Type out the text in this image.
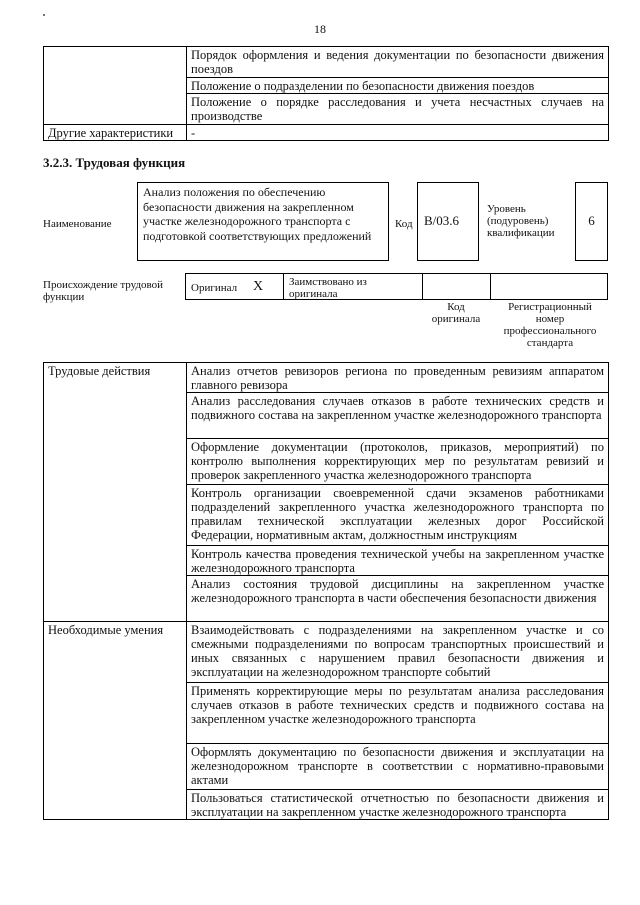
18
	Порядок оформления и ведения документации по безопасности движения поездов
	Положение о подразделении по безопасности движения поездов
	Положение о порядке расследования и учета несчастных случаев на производстве
Другие характеристики	-
3.2.3. Трудовая функция
Наименование
Анализ положения по обеспечению безопасности движения на закрепленном участке железнодорожного транспорта с подготовкой соответствующих предложений
Код В/03.6
Уровень (подуровень) квалификации
6
Происхождение трудовой функции
Оригинал X Заимствовано из оригинала
Код оригинала
Регистрационный номер профессионального стандарта
Трудовые действия	Анализ отчетов ревизоров региона по проведенным ревизиям аппаратом главного ревизора
	Анализ расследования случаев отказов в работе технических средств и подвижного состава на закрепленном участке железнодорожного транспорта
	Оформление документации (протоколов, приказов, мероприятий) по контролю выполнения корректирующих мер по результатам ревизий и проверок закрепленного участка железнодорожного транспорта
	Контроль организации своевременной сдачи экзаменов работниками подразделений закрепленного участка железнодорожного транспорта по правилам технической эксплуатации железных дорог Российской Федерации, нормативным актам, должностным инструкциям
	Контроль качества проведения технической учебы на закрепленном участке железнодорожного транспорта
	Анализ состояния трудовой дисциплины на закрепленном участке железнодорожного транспорта в части обеспечения безопасности движения
Необходимые умения	Взаимодействовать с подразделениями на закрепленном участке и со смежными подразделениями по вопросам транспортных происшествий и иных связанных с нарушением правил безопасности движения и эксплуатации на железнодорожном транспорте событий
	Применять корректирующие меры по результатам анализа расследования случаев отказов в работе технических средств и подвижного состава на закрепленном участке железнодорожного транспорта
	Оформлять документацию по безопасности движения и эксплуатации на железнодорожном транспорте в соответствии с нормативно-правовыми актами
	Пользоваться статистической отчетностью по безопасности движения и эксплуатации на закрепленном участке железнодорожного транспорта
